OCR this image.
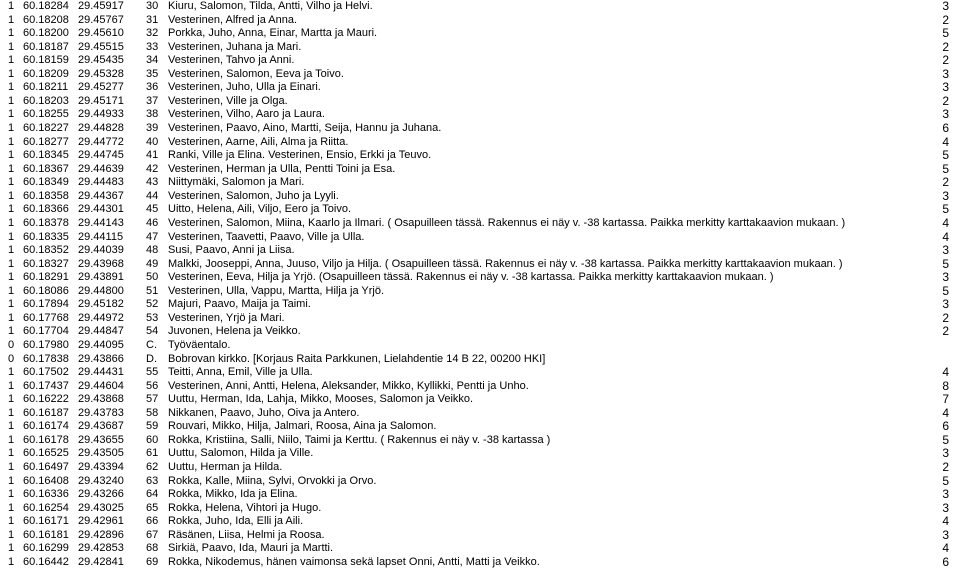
1 60.18284 29.45917 30 Kiuru, Salomon, Tilda, Antti, Vilho ja Helvi.	3
1 60.18208 29.45767 31 Vesterinen, Alfred ja Anna.	2
1 60.18200 29.45610 32 Porkka, Juho, Anna, Einar, Martta ja Mauri.	5
1 60.18187 29.45515 33 Vesterinen, Juhana ja Mari.	2
1 60.18159 29.45435 34 Vesterinen, Tahvo ja Anni.	2
1 60.18209 29.45328 35 Vesterinen, Salomon, Eeva ja Toivo.	3
1 60.18211 29.45277 36 Vesterinen, Juho, Ulla ja Einari.	3
1 60.18203 29.45171 37 Vesterinen, Ville ja Olga.	2
1 60.18255 29.44933 38 Vesterinen, Vilho, Aaro ja Laura.	3
1 60.18227 29.44828 39 Vesterinen, Paavo, Aino, Martti, Seija, Hannu ja Juhana.	6
1 60.18277 29.44772 40 Vesterinen, Aarne, Aili, Alma ja Riitta.	4
1 60.18345 29.44745 41 Ranki, Ville ja Elina. Vesterinen, Ensio, Erkki ja Teuvo.	5
1 60.18367 29.44639 42 Vesterinen, Herman ja Ulla, Pentti Toini ja Esa.	5
1 60.18349 29.44483 43 Niittymäki, Salomon ja Mari.	2
1 60.18358 29.44367 44 Vesterinen, Salomon, Juho ja Lyyli.	3
1 60.18366 29.44301 45 Uitto, Helena, Aili, Viljo, Eero ja Toivo.	5
1 60.18378 29.44143 46 Vesterinen, Salomon, Miina, Kaarlo ja Ilmari. ( Osapuilleen tässä. Rakennus ei näy v. -38 kartassa. Paikka merkitty karttakaavion mukaan. )	4
1 60.18335 29.44115 47 Vesterinen, Taavetti, Paavo, Ville ja Ulla.	4
1 60.18352 29.44039 48 Susi, Paavo, Anni ja Liisa.	3
1 60.18327 29.43968 49 Malkki, Jooseppi, Anna, Juuso, Viljo ja Hilja. ( Osapuilleen tässä. Rakennus ei näy v. -38 kartassa. Paikka merkitty karttakaavion mukaan. )	5
1 60.18291 29.43891 50 Vesterinen, Eeva, Hilja ja Yrjö. (Osapuilleen tässä. Rakennus ei näy v. -38 kartassa. Paikka merkitty karttakaavion mukaan. )	3
1 60.18086 29.44800 51 Vesterinen, Ulla, Vappu, Martta, Hilja ja Yrjö.	5
1 60.17894 29.45182 52 Majuri, Paavo, Maija ja Taimi.	3
1 60.17768 29.44972 53 Vesterinen, Yrjö ja Mari.	2
1 60.17704 29.44847 54 Juvonen, Helena ja Veikko.	2
0 60.17980 29.44095 C. Työväentalo.
0 60.17838 29.43866 D. Bobrovan kirkko. [Korjaus Raita Parkkunen, Lielahdentie 14 B 22, 00200 HKI]
1 60.17502 29.44431 55 Teitti, Anna, Emil, Ville ja Ulla.	4
1 60.17437 29.44604 56 Vesterinen, Anni, Antti, Helena, Aleksander, Mikko, Kyllikki, Pentti ja Unho.	8
1 60.16222 29.43868 57 Uuttu, Herman, Ida, Lahja, Mikko, Mooses, Salomon ja Veikko.	7
1 60.16187 29.43783 58 Nikkanen, Paavo, Juho, Oiva ja Antero.	4
1 60.16174 29.43687 59 Rouvari, Mikko, Hilja, Jalmari, Roosa, Aina ja Salomon.	6
1 60.16178 29.43655 60 Rokka, Kristiina, Salli, Niilo, Taimi ja Kerttu. ( Rakennus ei näy v. -38 kartassa )	5
1 60.16525 29.43505 61 Uuttu, Salomon, Hilda ja Ville.	3
1 60.16497 29.43394 62 Uuttu, Herman ja Hilda.	2
1 60.16408 29.43240 63 Rokka, Kalle, Miina, Sylvi, Orvokki ja Orvo.	5
1 60.16336 29.43266 64 Rokka, Mikko, Ida ja Elina.	3
1 60.16254 29.43025 65 Rokka, Helena, Vihtori ja Hugo.	3
1 60.16171 29.42961 66 Rokka, Juho, Ida, Elli ja Aili.	4
1 60.16181 29.42896 67 Räsänen, Liisa, Helmi ja Roosa.	3
1 60.16299 29.42853 68 Sirkiä, Paavo, Ida, Mauri ja Martti.	4
1 60.16442 29.42841 69 Rokka, Nikodemus, hänen vaimonsa sekä lapset Onni, Antti, Matti ja Veikko.	6
